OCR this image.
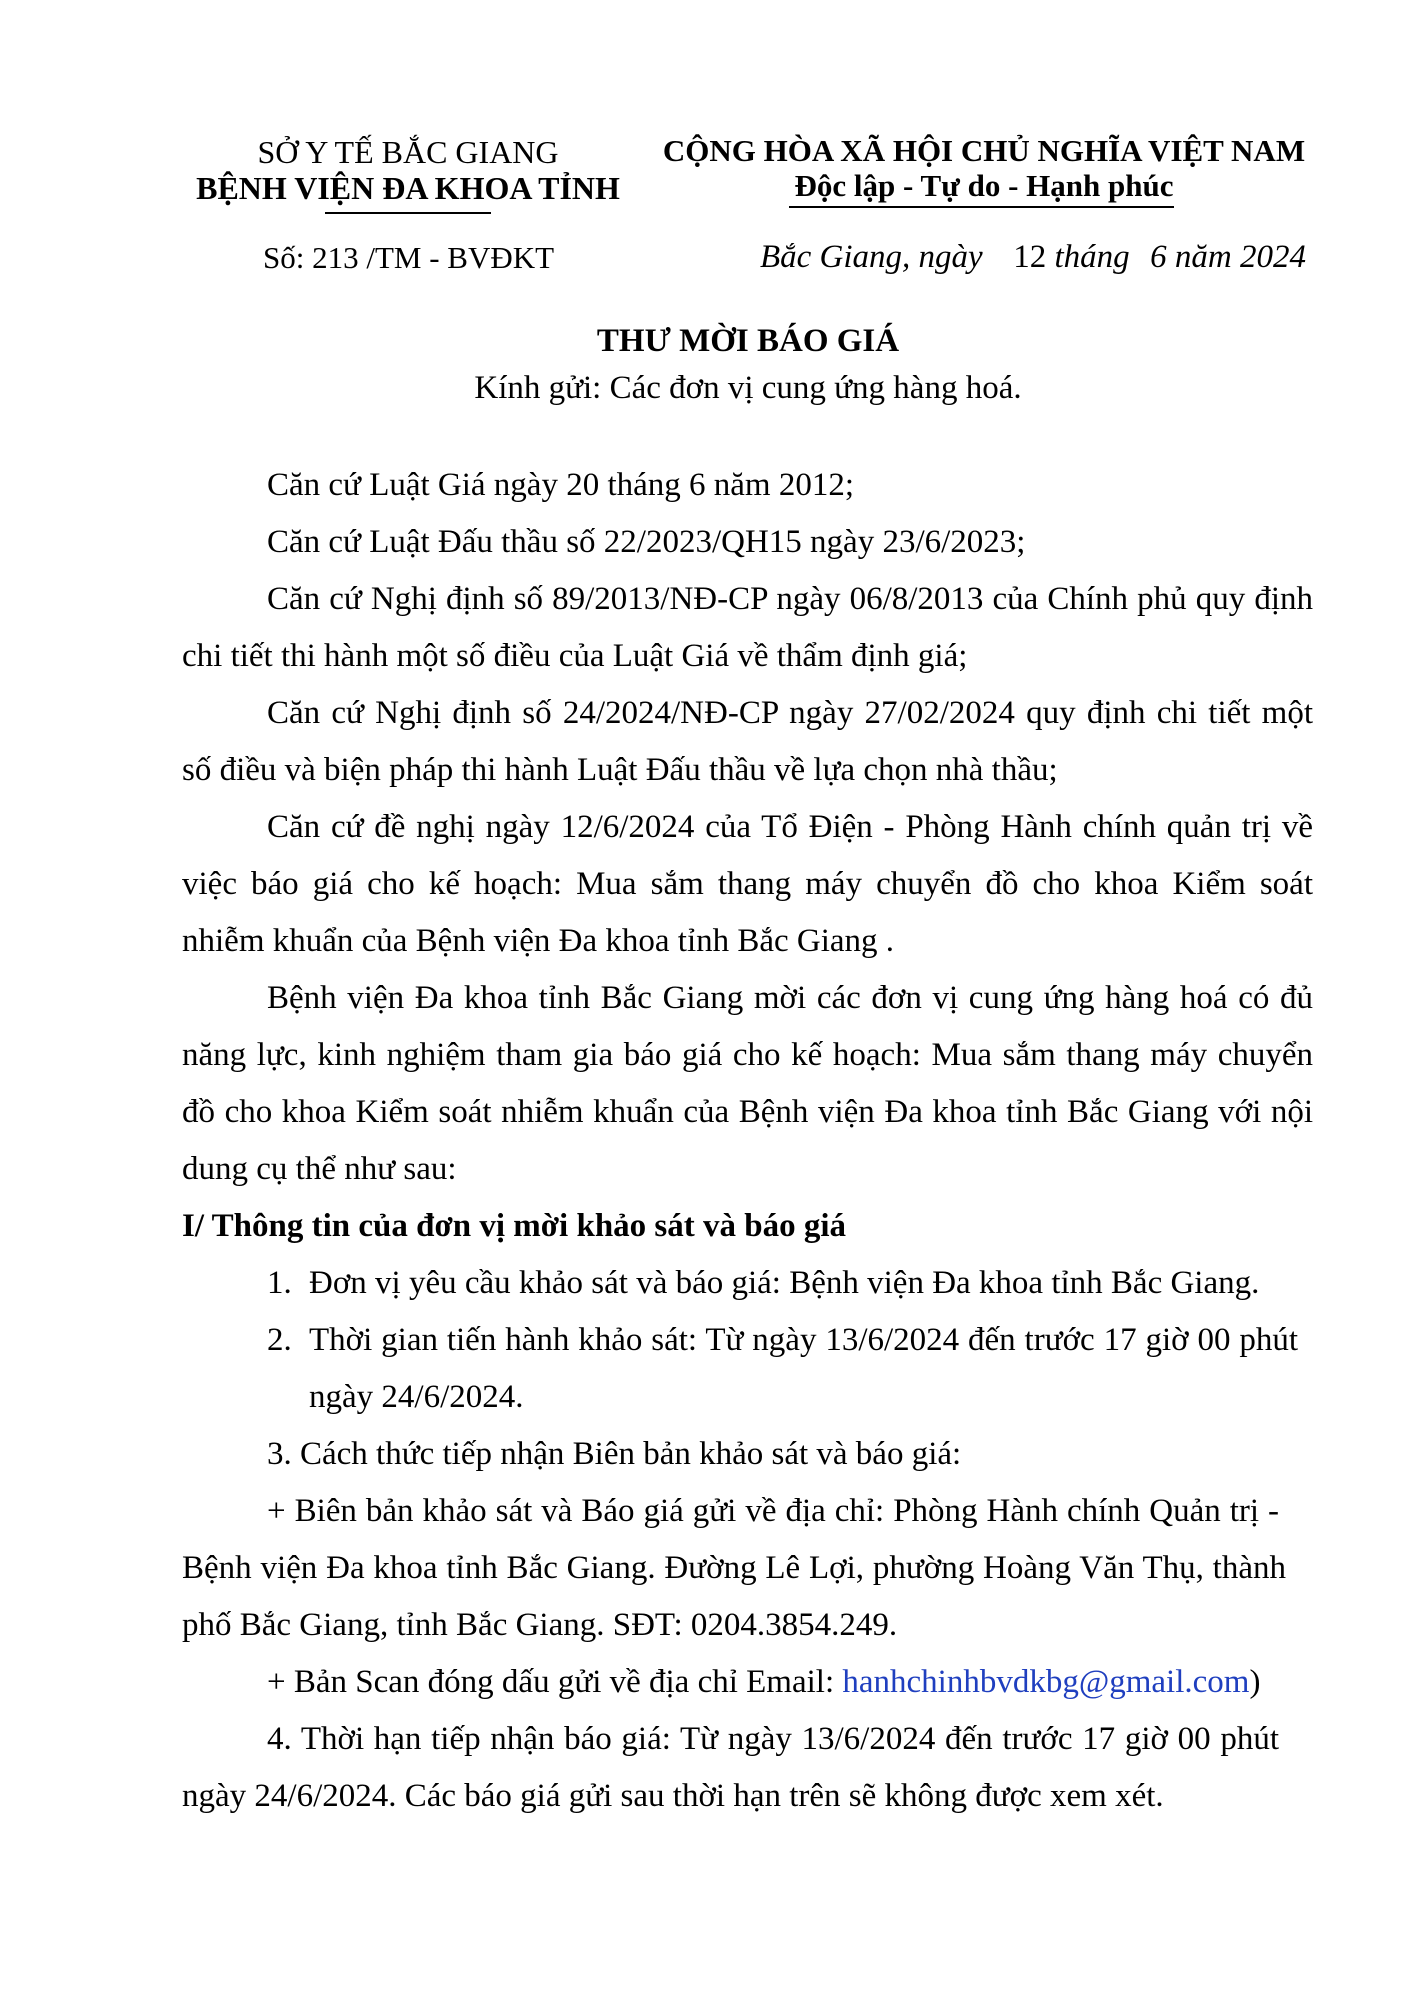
SỞ Y TẾ BẮC GIANG
BỆNH VIỆN ĐA KHOA TỈNH
CỘNG HÒA XÃ HỘI CHỦ NGHĨA VIỆT NAM
Độc lập - Tự do - Hạnh phúc
Số: 213 /TM - BVĐKT	Bắc Giang, ngày 12 tháng 6 năm 2024
THƯ MỜI BÁO GIÁ
Kính gửi: Các đơn vị cung ứng hàng hoá.
Căn cứ Luật Giá ngày 20 tháng 6 năm 2012;
Căn cứ Luật Đấu thầu số 22/2023/QH15 ngày 23/6/2023;
Căn cứ Nghị định số 89/2013/NĐ-CP ngày 06/8/2013 của Chính phủ quy định
chi tiết thi hành một số điều của Luật Giá về thẩm định giá;
Căn cứ Nghị định số 24/2024/NĐ-CP ngày 27/02/2024 quy định chi tiết một
số điều và biện pháp thi hành Luật Đấu thầu về lựa chọn nhà thầu;
Căn cứ đề nghị ngày 12/6/2024 của Tổ Điện - Phòng Hành chính quản trị về
việc báo giá cho kế hoạch: Mua sắm thang máy chuyển đồ cho khoa Kiểm soát
nhiễm khuẩn của Bệnh viện Đa khoa tỉnh Bắc Giang .
Bệnh viện Đa khoa tỉnh Bắc Giang mời các đơn vị cung ứng hàng hoá có đủ
năng lực, kinh nghiệm tham gia báo giá cho kế hoạch: Mua sắm thang máy chuyển
đồ cho khoa Kiểm soát nhiễm khuẩn của Bệnh viện Đa khoa tỉnh Bắc Giang với nội
dung cụ thể như sau:
I/ Thông tin của đơn vị mời khảo sát và báo giá
1. Đơn vị yêu cầu khảo sát và báo giá: Bệnh viện Đa khoa tỉnh Bắc Giang.
2. Thời gian tiến hành khảo sát: Từ ngày 13/6/2024 đến trước 17 giờ 00 phút
ngày 24/6/2024.
3. Cách thức tiếp nhận Biên bản khảo sát và báo giá:
+ Biên bản khảo sát và Báo giá gửi về địa chỉ: Phòng Hành chính Quản trị -
Bệnh viện Đa khoa tỉnh Bắc Giang. Đường Lê Lợi, phường Hoàng Văn Thụ, thành
phố Bắc Giang, tỉnh Bắc Giang. SĐT: 0204.3854.249.
+ Bản Scan đóng dấu gửi về địa chỉ Email: hanhchinhbvdkbg@gmail.com)
4. Thời hạn tiếp nhận báo giá: Từ ngày 13/6/2024 đến trước 17 giờ 00 phút
ngày 24/6/2024. Các báo giá gửi sau thời hạn trên sẽ không được xem xét.
